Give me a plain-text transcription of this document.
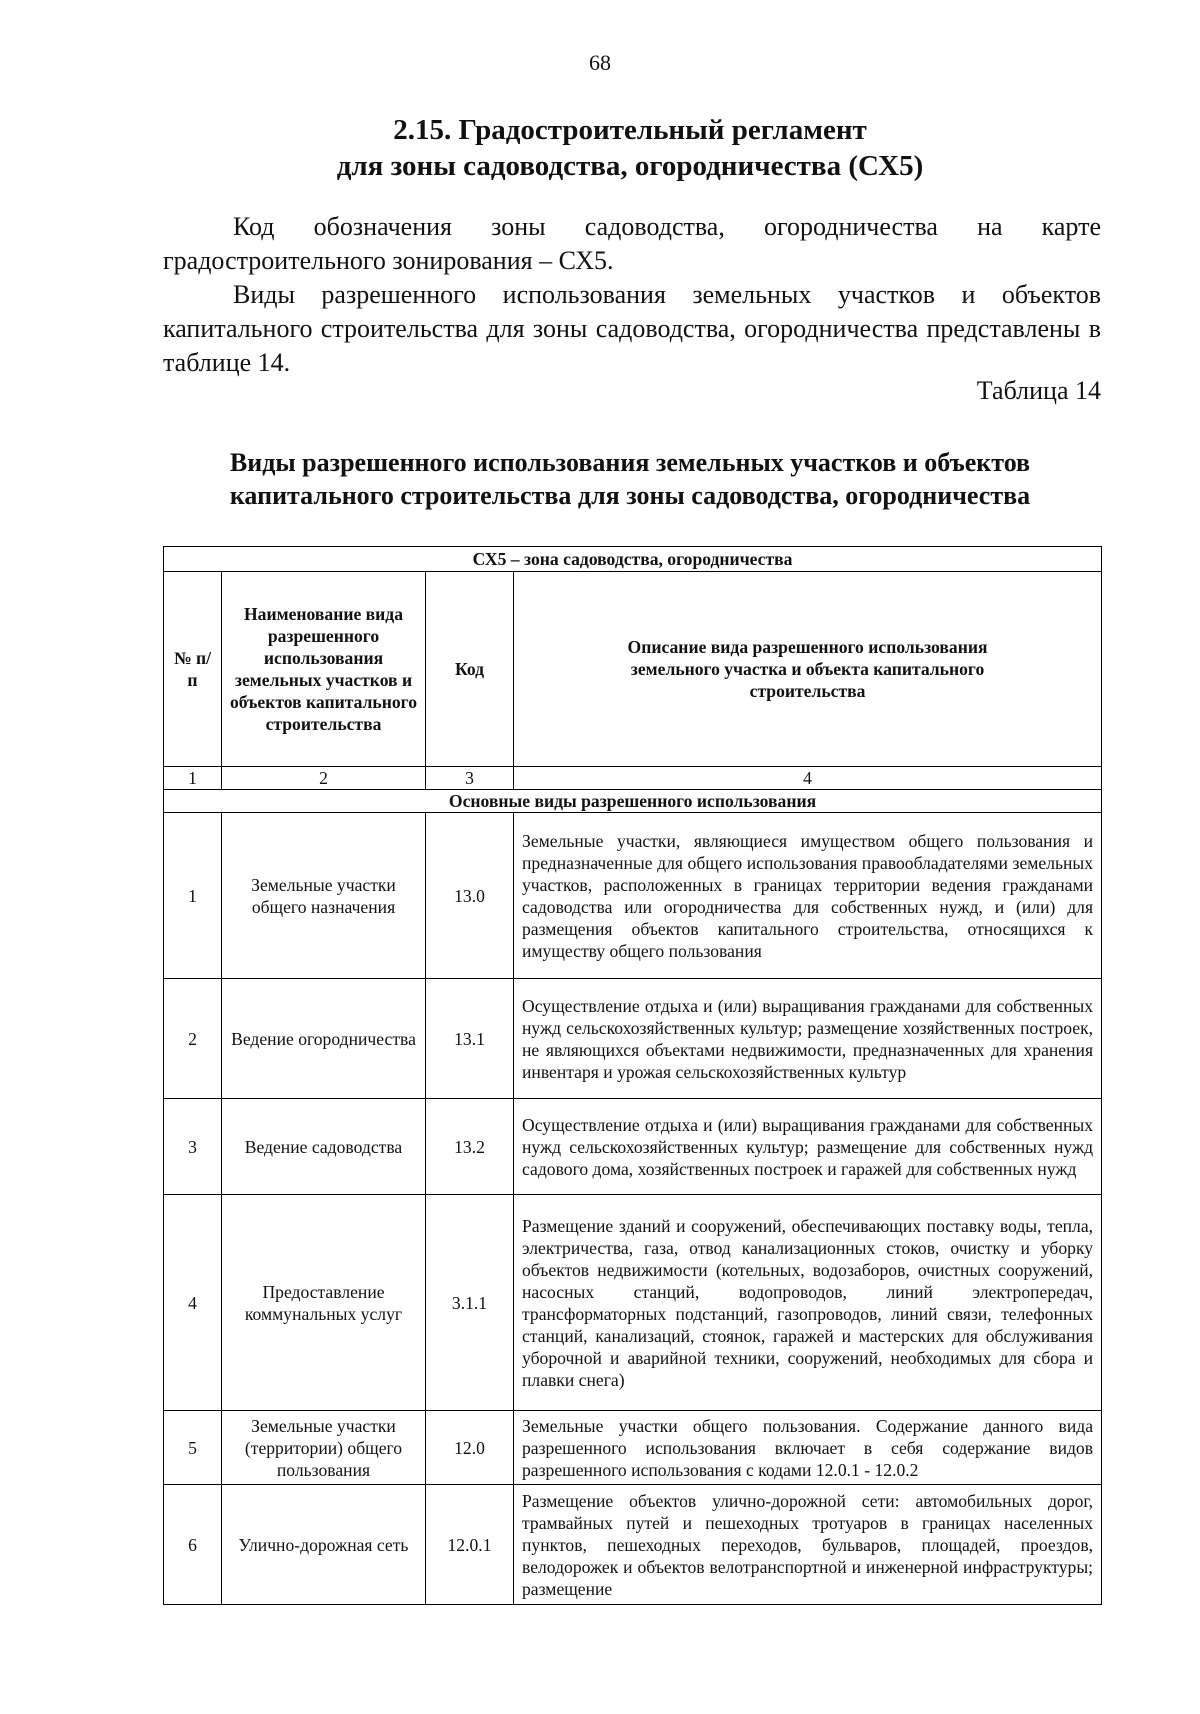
68
2.15. Градостроительный регламент
для зоны садоводства, огородничества (СХ5)

Код обозначения зоны садоводства, огородничества на карте градостроительного зонирования – СХ5.

Виды разрешенного использования земельных участков и объектов капитального строительства для зоны садоводства, огородничества представлены в таблице 14.

Таблица 14
Виды разрешенного использования земельных участков и объектов
капитального строительства для зоны садоводства, огородничества
СХ5 – зона садоводства, огородничества			
№ п/п	Наименование вида разрешенного использования земельных участков и объектов капитального строительства	Код	Описание вида разрешенного использования земельного участка и объекта капитального строительства
1	2	3	4
Основные виды разрешенного использования			
1	Земельные участки общего назначения	13.0	Земельные участки, являющиеся имуществом общего пользования и предназначенные для общего использования правообладателями земельных участков, расположенных в границах территории ведения гражданами садоводства или огородничества для собственных нужд, и (или) для размещения объектов капитального строительства, относящихся к имуществу общего пользования
2	Ведение огородничества	13.1	Осуществление отдыха и (или) выращивания гражданами для собственных нужд сельскохозяйственных культур; размещение хозяйственных построек, не являющихся объектами недвижимости, предназначенных для хранения инвентаря и урожая сельскохозяйственных культур
3	Ведение садоводства	13.2	Осуществление отдыха и (или) выращивания гражданами для собственных нужд сельскохозяйственных культур; размещение для собственных нужд садового дома, хозяйственных построек и гаражей для собственных нужд
4	Предоставление коммунальных услуг	3.1.1	Размещение зданий и сооружений, обеспечивающих поставку воды, тепла, электричества, газа, отвод канализационных стоков, очистку и уборку объектов недвижимости (котельных, водозаборов, очистных сооружений, насосных станций, водопроводов, линий электропередач, трансформаторных подстанций, газопроводов, линий связи, телефонных станций, канализаций, стоянок, гаражей и мастерских для обслуживания уборочной и аварийной техники, сооружений, необходимых для сбора и плавки снега)
5	Земельные участки (территории) общего пользования	12.0	Земельные участки общего пользования. Содержание данного вида разрешенного использования включает в себя содержание видов разрешенного использования с кодами 12.0.1 - 12.0.2
6	Улично-дорожная сеть	12.0.1	Размещение объектов улично-дорожной сети: автомобильных дорог, трамвайных путей и пешеходных тротуаров в границах населенных пунктов, пешеходных переходов, бульваров, площадей, проездов, велодорожек и объектов велотранспортной и инженерной инфраструктуры; размещение
